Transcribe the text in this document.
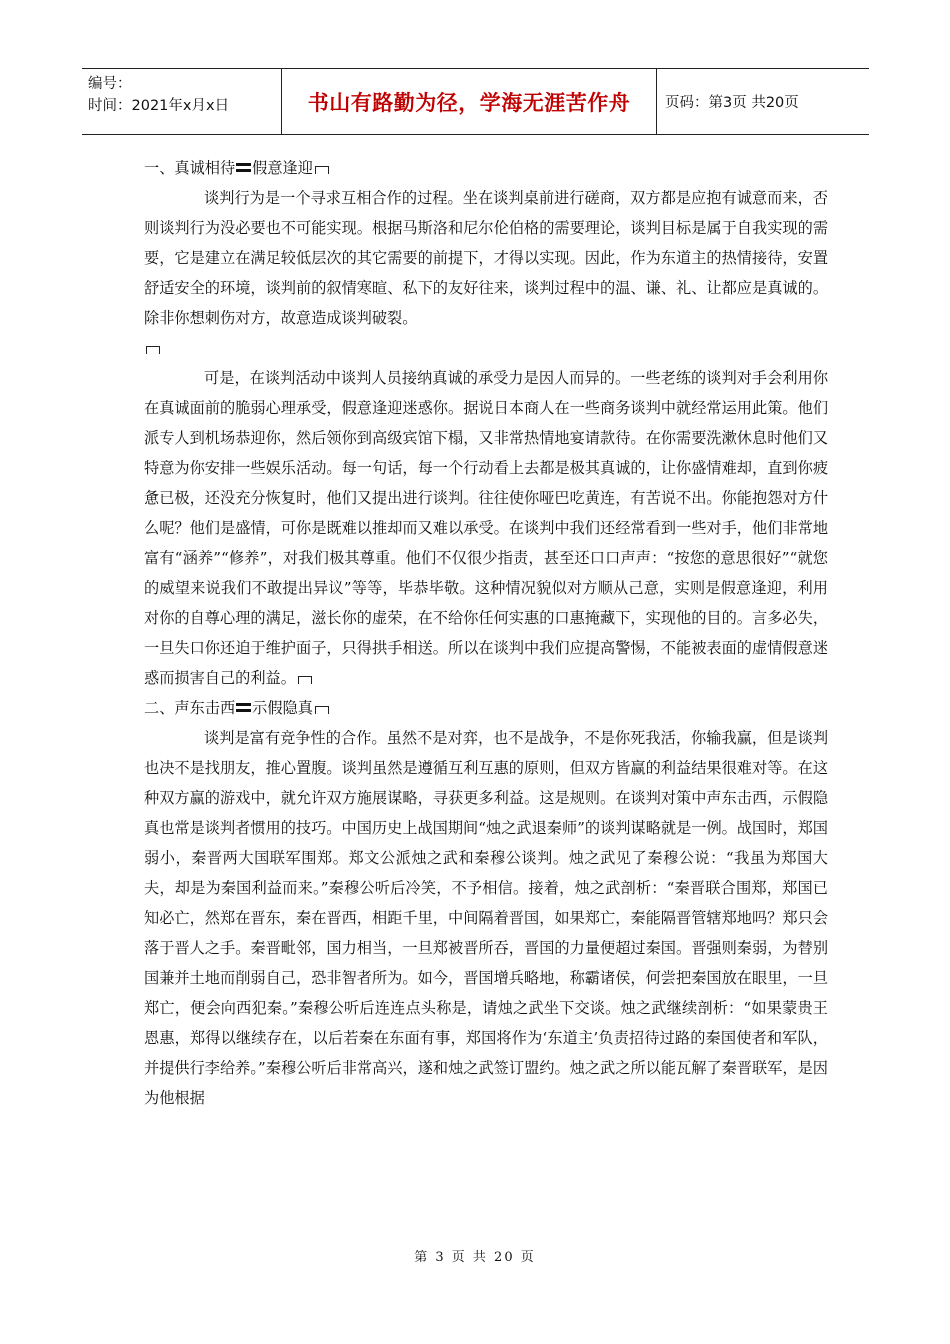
编号：
时间：2021年x月x日	书山有路勤为径，学海无涯苦作舟	页码：第3页 共20页

一、真诚相待 假意逢迎

谈判行为是一个寻求互相合作的过程。坐在谈判桌前进行磋商，双方都是应抱有诚意而来，否则谈判行为没必要也不可能实现。根据马斯洛和尼尔伦伯格的需要理论，谈判目标是属于自我实现的需要，它是建立在满足较低层次的其它需要的前提下，才得以实现。因此，作为东道主的热情接待，安置舒适安全的环境，谈判前的叙情寒暄、私下的友好往来，谈判过程中的温、谦、礼、让都应是真诚的。除非你想刺伤对方，故意造成谈判破裂。

可是，在谈判活动中谈判人员接纳真诚的承受力是因人而异的。一些老练的谈判对手会利用你在真诚面前的脆弱心理承受，假意逢迎迷惑你。据说日本商人在一些商务谈判中就经常运用此策。他们派专人到机场恭迎你，然后领你到高级宾馆下榻，又非常热情地宴请款待。在你需要洗漱休息时他们又特意为你安排一些娱乐活动。每一句话，每一个行动看上去都是极其真诚的，让你盛情难却，直到你疲惫已极，还没充分恢复时，他们又提出进行谈判。往往使你哑巴吃黄连，有苦说不出。你能抱怨对方什么呢？他们是盛情，可你是既难以推却而又难以承受。在谈判中我们还经常看到一些对手，他们非常地富有“涵养”“修养”，对我们极其尊重。他们不仅很少指责，甚至还口口声声：“按您的意思很好”“就您的威望来说我们不敢提出异议”等等，毕恭毕敬。这种情况貌似对方顺从己意，实则是假意逢迎，利用对你的自尊心理的满足，滋长你的虚荣，在不给你任何实惠的口惠掩藏下，实现他的目的。言多必失，一旦失口你还迫于维护面子，只得拱手相送。所以在谈判中我们应提高警惕，不能被表面的虚情假意迷惑而损害自己的利益。

二、声东击西 示假隐真

谈判是富有竞争性的合作。虽然不是对弈，也不是战争，不是你死我活，你输我赢，但是谈判也决不是找朋友，推心置腹。谈判虽然是遵循互利互惠的原则，但双方皆赢的利益结果很难对等。在这种双方赢的游戏中，就允许双方施展谋略，寻获更多利益。这是规则。在谈判对策中声东击西，示假隐真也常是谈判者惯用的技巧。中国历史上战国期间“烛之武退秦师”的谈判谋略就是一例。战国时，郑国弱小，秦晋两大国联军围郑。郑文公派烛之武和秦穆公谈判。烛之武见了秦穆公说：“我虽为郑国大夫，却是为秦国利益而来。”秦穆公听后冷笑，不予相信。接着，烛之武剖析：“秦晋联合围郑，郑国已知必亡，然郑在晋东，秦在晋西，相距千里，中间隔着晋国，如果郑亡，秦能隔晋管辖郑地吗？郑只会落于晋人之手。秦晋毗邻，国力相当，一旦郑被晋所吞，晋国的力量便超过秦国。晋强则秦弱，为替别国兼并土地而削弱自己，恐非智者所为。如今，晋国增兵略地，称霸诸侯，何尝把秦国放在眼里，一旦郑亡，便会向西犯秦。”秦穆公听后连连点头称是，请烛之武坐下交谈。烛之武继续剖析：“如果蒙贵王恩惠，郑得以继续存在，以后若秦在东面有事，郑国将作为‘东道主’负责招待过路的秦国使者和军队，并提供行李给养。”秦穆公听后非常高兴，遂和烛之武签订盟约。烛之武之所以能瓦解了秦晋联军，是因为他根据

第 3 页 共 20 页
